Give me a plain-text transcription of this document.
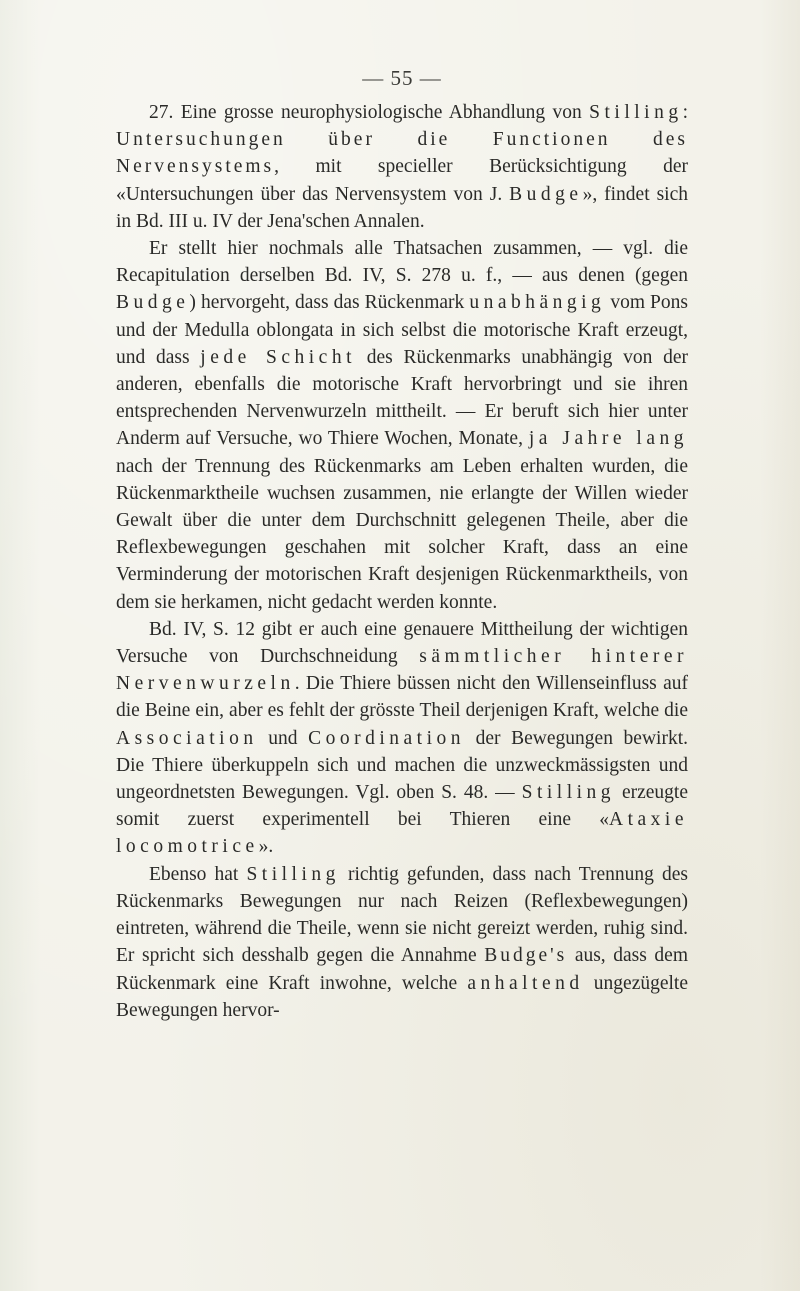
— 55 —

27. Eine grosse neurophysiologische Abhandlung von Stilling: Untersuchungen über die Functionen des Nervensystems, mit specieller Berücksichtigung der «Untersuchungen über das Nervensystem von J. Budge», findet sich in Bd. III u. IV der Jena'schen Annalen.

Er stellt hier nochmals alle Thatsachen zusammen, — vgl. die Recapitulation derselben Bd. IV, S. 278 u. f., — aus denen (gegen Budge) hervorgeht, dass das Rückenmark unabhängig vom Pons und der Medulla oblongata in sich selbst die motorische Kraft erzeugt, und dass jede Schicht des Rückenmarks unabhängig von der anderen, ebenfalls die motorische Kraft hervorbringt und sie ihren entsprechenden Nervenwurzeln mittheilt. — Er beruft sich hier unter Anderm auf Versuche, wo Thiere Wochen, Monate, ja Jahre lang nach der Trennung des Rückenmarks am Leben erhalten wurden, die Rückenmarktheile wuchsen zusammen, nie erlangte der Willen wieder Gewalt über die unter dem Durchschnitt gelegenen Theile, aber die Reflexbewegungen geschahen mit solcher Kraft, dass an eine Verminderung der motorischen Kraft desjenigen Rückenmarktheils, von dem sie herkamen, nicht gedacht werden konnte.

Bd. IV, S. 12 gibt er auch eine genauere Mittheilung der wichtigen Versuche von Durchschneidung sämmtlicher hinterer Nervenwurzeln. Die Thiere büssen nicht den Willenseinfluss auf die Beine ein, aber es fehlt der grösste Theil derjenigen Kraft, welche die Association und Coordination der Bewegungen bewirkt. Die Thiere überkuppeln sich und machen die unzweckmässigsten und ungeordnetsten Bewegungen. Vgl. oben S. 48. — Stilling erzeugte somit zuerst experimentell bei Thieren eine «Ataxie locomotrice».

Ebenso hat Stilling richtig gefunden, dass nach Trennung des Rückenmarks Bewegungen nur nach Reizen (Reflexbewegungen) eintreten, während die Theile, wenn sie nicht gereizt werden, ruhig sind. Er spricht sich desshalb gegen die Annahme Budge's aus, dass dem Rückenmark eine Kraft inwohne, welche anhaltend ungezügelte Bewegungen hervor-
